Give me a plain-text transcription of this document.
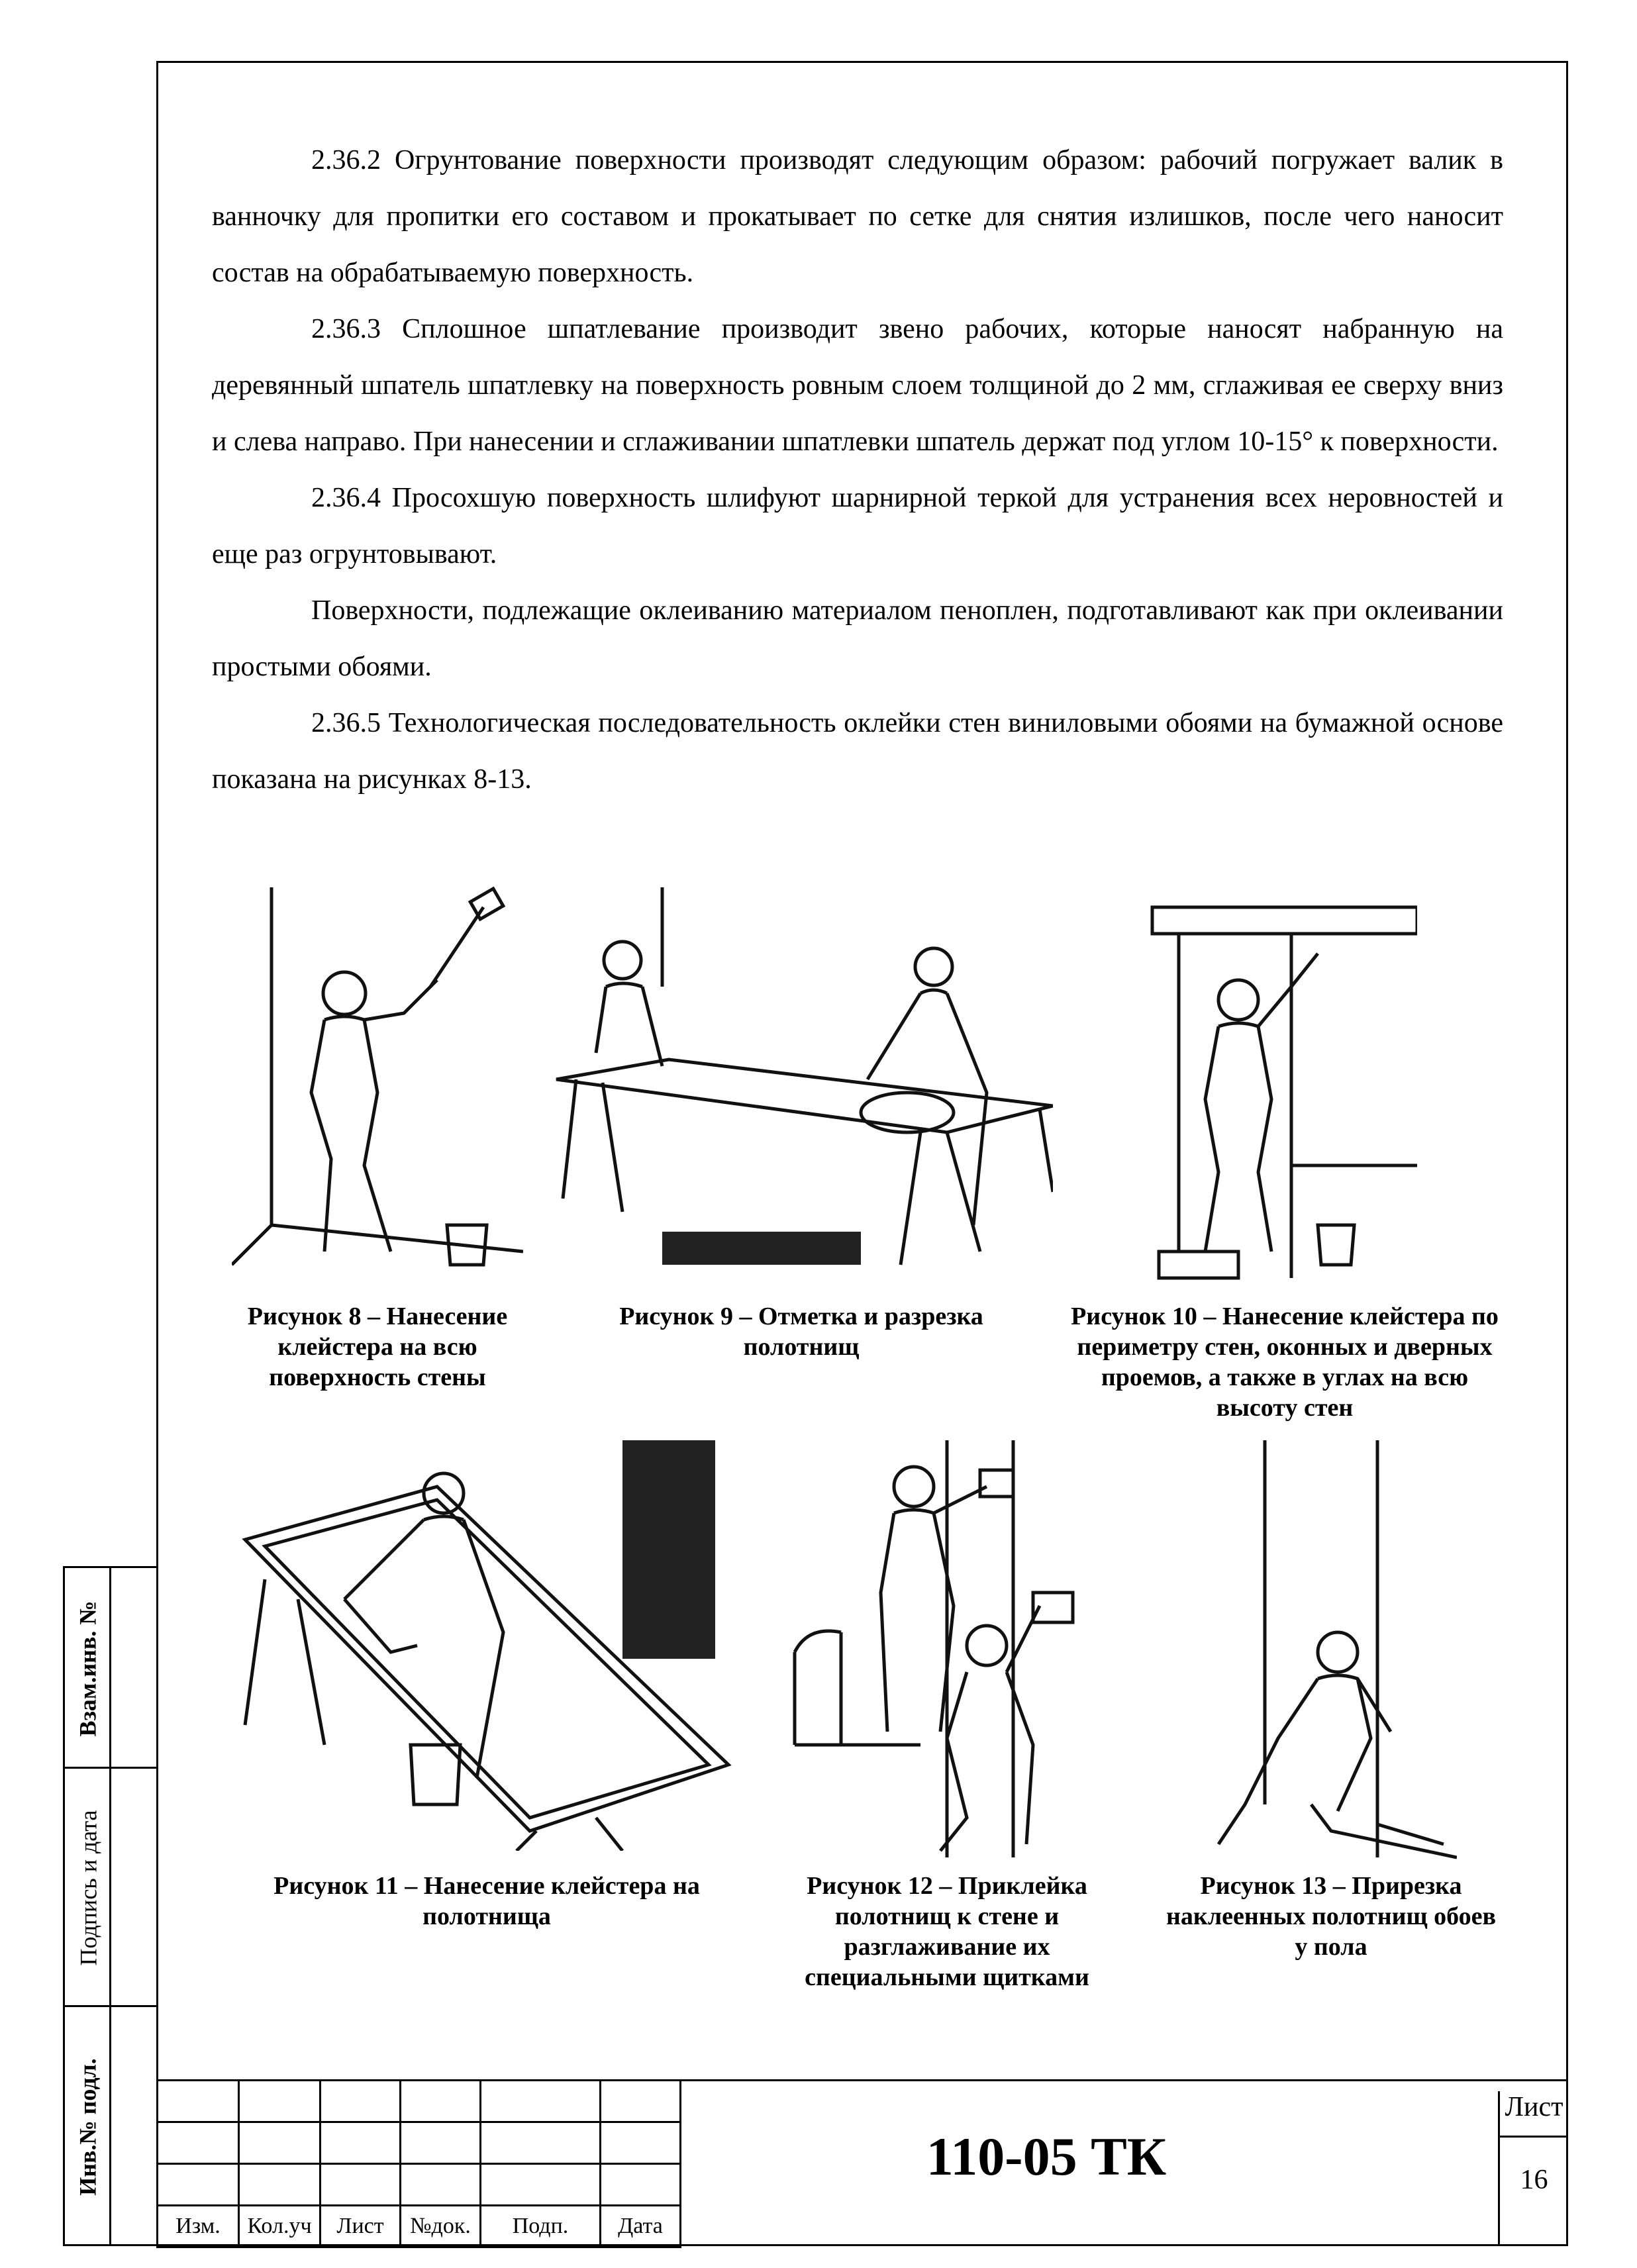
Взам.инв. №
Подпись и дата
Инв.№ подл.

2.36.2 Огрунтование поверхности производят следующим образом: рабочий погружает валик в ванночку для пропитки его составом и прокатывает по сетке для снятия излишков, после чего наносит состав на обрабатываемую поверхность.

2.36.3 Сплошное шпатлевание производит звено рабочих, которые наносят набранную на деревянный шпатель шпатлевку на поверхность ровным слоем толщиной до 2 мм, сглаживая ее сверху вниз и слева направо. При нанесении и сглаживании шпатлевки шпатель держат под углом 10-15° к поверхности.

2.36.4 Просохшую поверхность шлифуют шарнирной теркой для устранения всех неровностей и еще раз огрунтовывают.

Поверхности, подлежащие оклеиванию материалом пеноплен, подготавливают как при оклеивании простыми обоями.

2.36.5 Технологическая последовательность оклейки стен виниловыми обоями на бумажной основе показана на рисунках 8-13.

Рисунок 8 – Нанесение клейстера на всю поверхность стены
Рисунок 9 – Отметка и разрезка полотнищ
Рисунок 10 – Нанесение клейстера по периметру стен, оконных и дверных проемов, а также в углах на всю высоту стен
Рисунок 11 – Нанесение клейстера на полотнища
Рисунок 12 – Приклейка полотнищ к стене и разглаживание их специальными щитками
Рисунок 13 – Прирезка наклеенных полотнищ обоев у пола

Изм.	Кол.уч	Лист	№док.	Подп.	Дата
110-05 ТК
Лист
16
